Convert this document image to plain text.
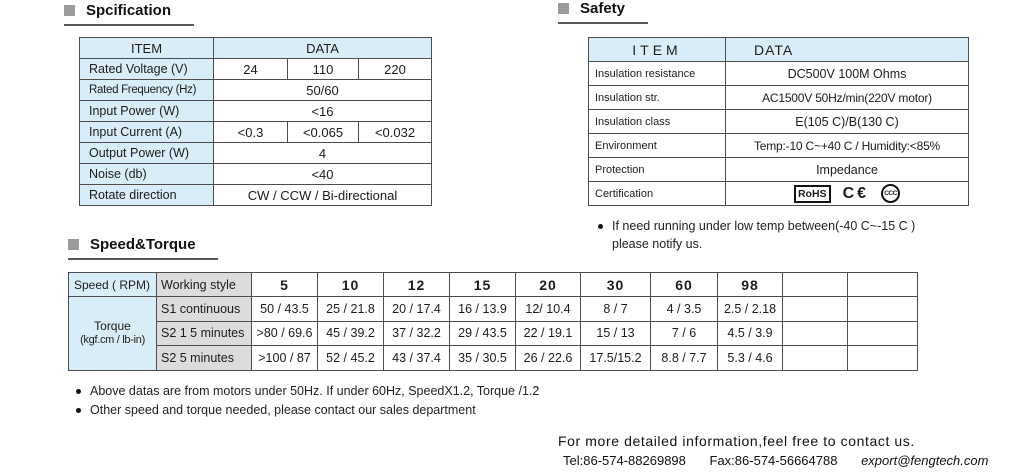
Spcification
ITEM	DATA		
Rated Voltage (V)	24	110	220
Rated Frequency (Hz)	50/60		
Input Power (W)	<16		
Input Current (A)	<0.3	<0.065	<0.032
Output Power (W)	4		
Noise (db)	<40		
Rotate direction	CW / CCW / Bi-directional		
Safety
ITEM	DATA
Insulation resistance	DC500V 100M Ohms
Insulation str.	AC1500V 50Hz/min(220V motor)
Insulation class	E(105 C)/B(130 C)
Environment	Temp:-10 C~+40 C / Humidity:<85%
Protection	Impedance
Certification	RoHS C€ CCC
If need running under low temp between(-40 C~-15 C )
please notify us.
Speed&Torque
Speed ( RPM)	Working style	5	10	12	15	20	30	60	98		

Torque
(kgf.cm / lb-in)	S1 continuous	50 / 43.5	25 / 21.8	20 / 17.4	16 / 13.9	12/ 10.4	8 / 7	4 / 3.5	2.5 / 2.18		
	S2 1 5 minutes	>80 / 69.6	45 / 39.2	37 / 32.2	29 / 43.5	22 / 19.1	15 / 13	7 / 6	4.5 / 3.9		
	S2 5 minutes	>100 / 87	52 / 45.2	43 / 37.4	35 / 30.5	26 / 22.6	17.5/15.2	8.8 / 7.7	5.3 / 4.6		
Above datas are from motors under 50Hz. If under 60Hz, SpeedX1.2, Torque /1.2
Other speed and torque needed, please contact our sales department
For more detailed information,feel free to contact us.
Tel:86-574-88269898 Fax:86-574-56664788 export@fengtech.com
